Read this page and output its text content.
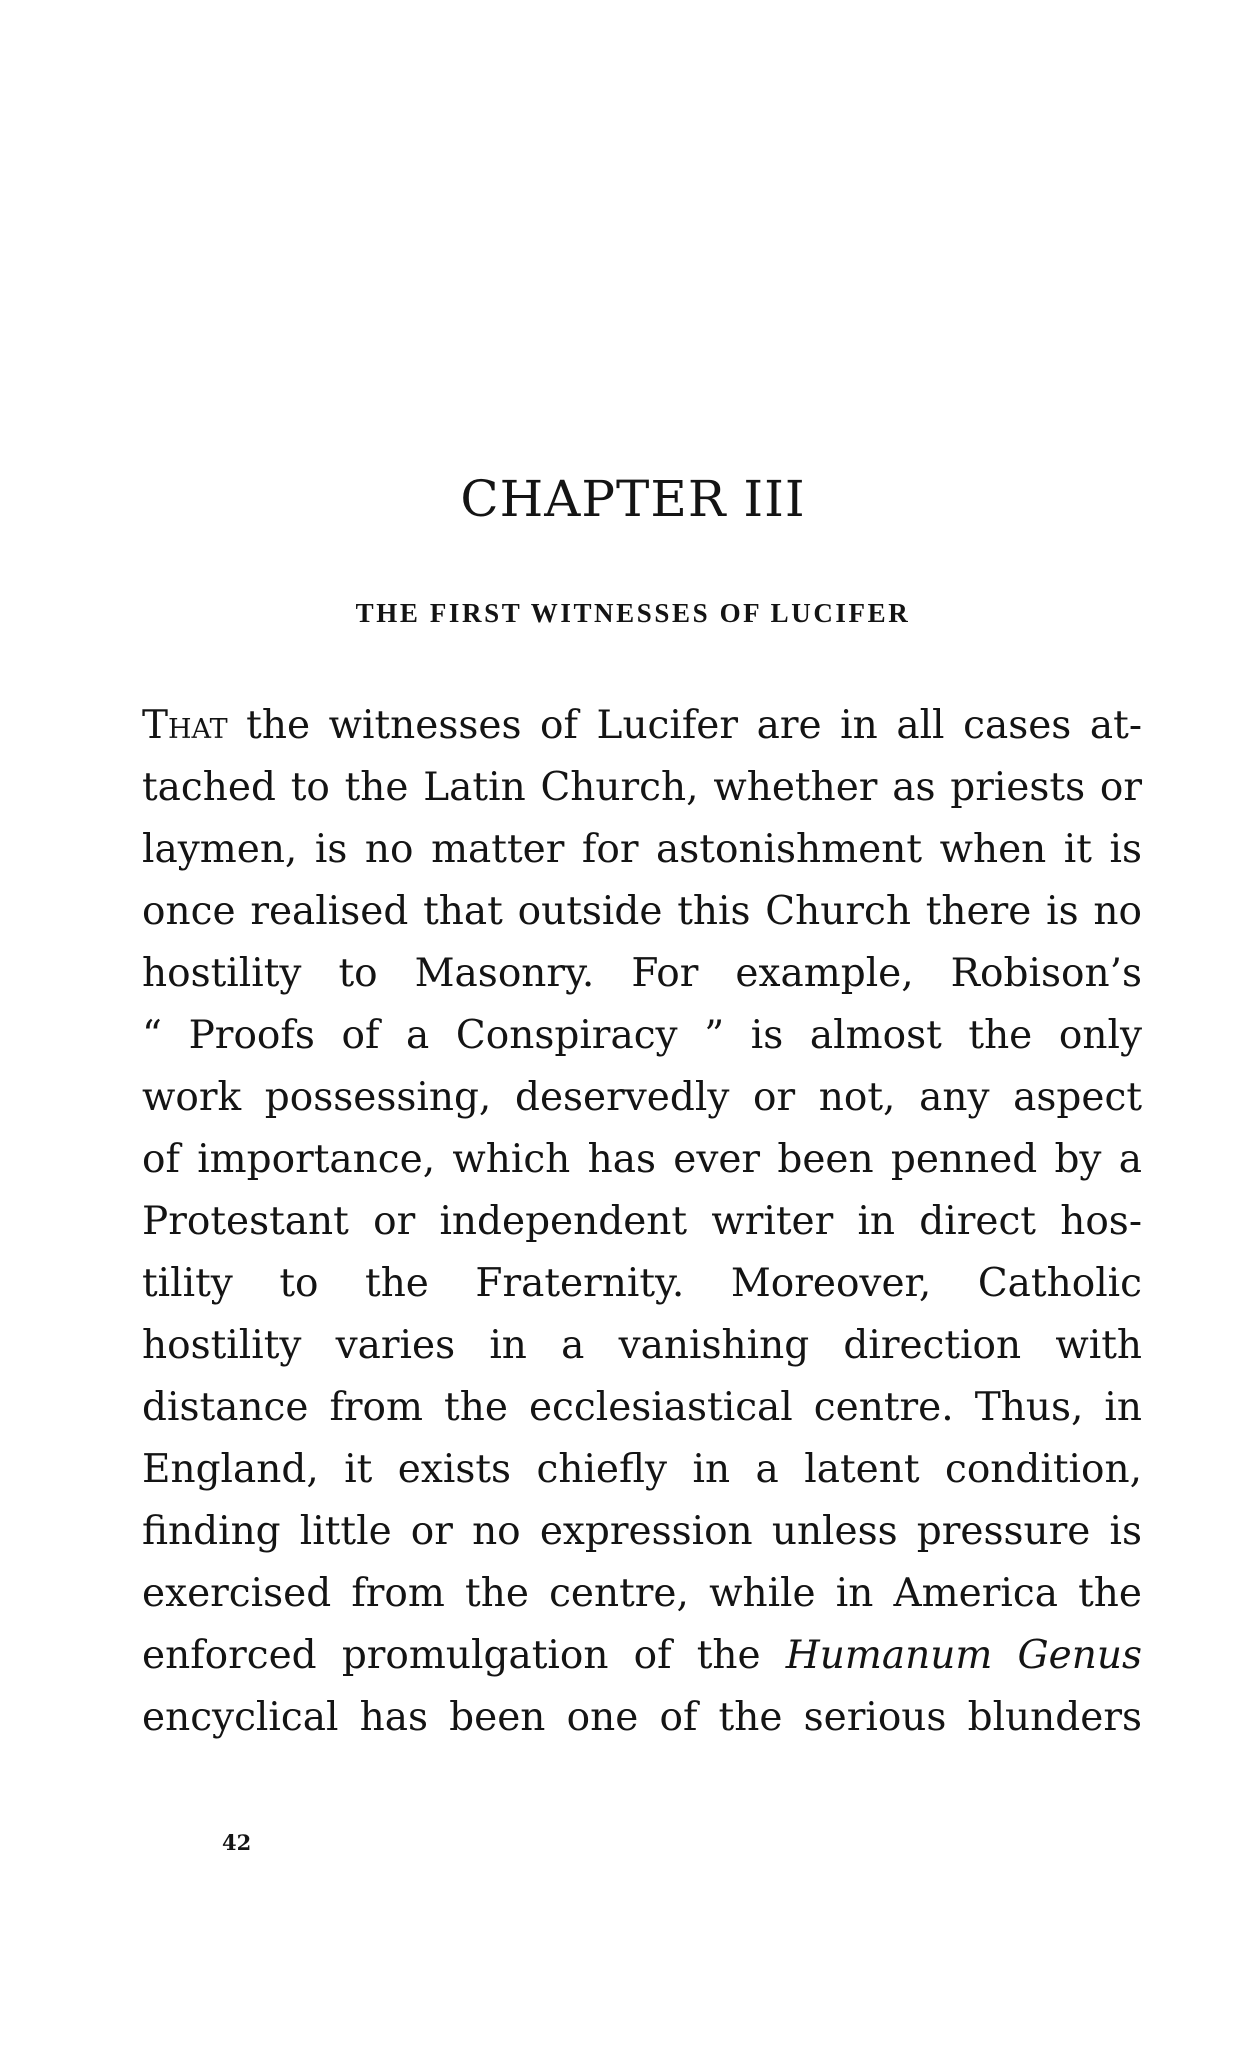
CHAPTER III
THE FIRST WITNESSES OF LUCIFER
That the witnesses of Lucifer are in all cases at-
tached to the Latin Church, whether as priests or
laymen, is no matter for astonishment when it is
once realised that outside this Church there is no
hostility to Masonry. For example, Robison’s
“ Proofs of a Conspiracy ” is almost the only
work possessing, deservedly or not, any aspect
of importance, which has ever been penned by a
Protestant or independent writer in direct hos-
tility to the Fraternity. Moreover, Catholic
hostility varies in a vanishing direction with
distance from the ecclesiastical centre. Thus, in
England, it exists chiefly in a latent condition,
finding little or no expression unless pressure is
exercised from the centre, while in America the
enforced promulgation of the Humanum Genus
encyclical has been one of the serious blunders
42
